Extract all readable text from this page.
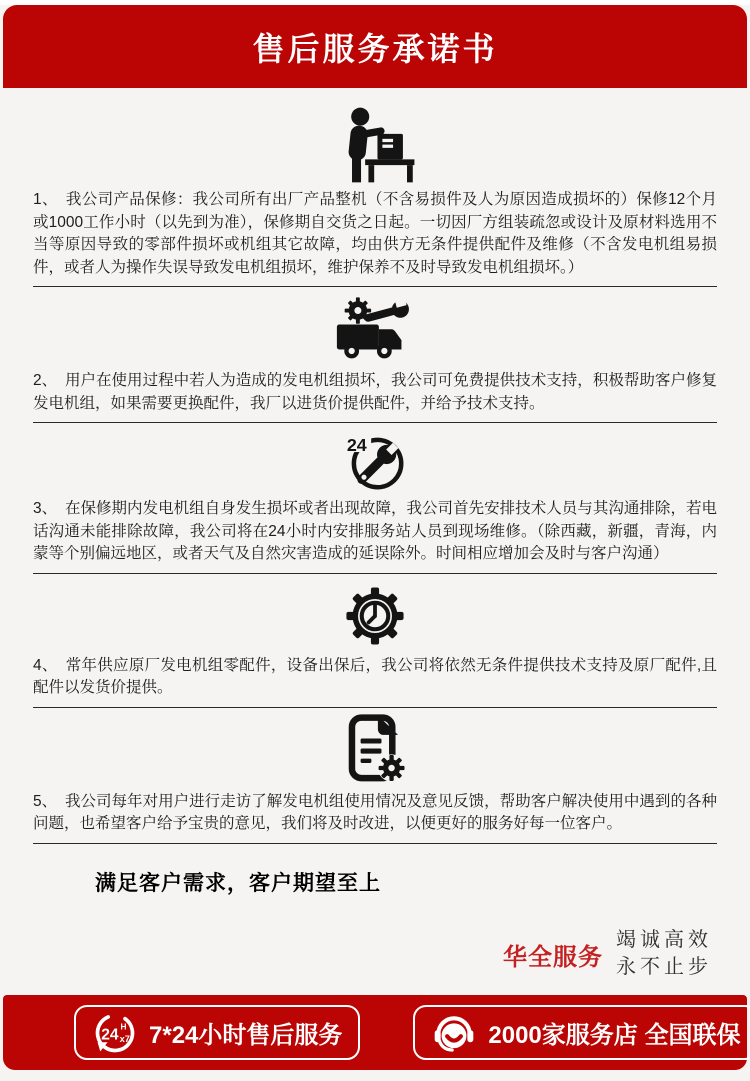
售后服务承诺书

1、　我公司产品保修：我公司所有出厂产品整机（不含易损件及人为原因造成损坏的）保修12个月或1000工作小时（以先到为准），保修期自交货之日起。一切因厂方组装疏忽或设计及原材料选用不当等原因导致的零部件损坏或机组其它故障，均由供方无条件提供配件及维修（不含发电机组易损件，或者人为操作失误导致发电机组损坏，维护保养不及时导致发电机组损坏。）

2、　用户在使用过程中若人为造成的发电机组损坏，我公司可免费提供技术支持，积极帮助客户修复发电机组，如果需要更换配件，我厂以进货价提供配件，并给予技术支持。

24

3、　在保修期内发电机组自身发生损坏或者出现故障，我公司首先安排技术人员与其沟通排除，若电话沟通未能排除故障，我公司将在24小时内安排服务站人员到现场维修。（除西藏，新疆，青海，内蒙等个别偏远地区，或者天气及自然灾害造成的延误除外。时间相应增加会及时与客户沟通）

4、　常年供应原厂发电机组零配件，设备出保后，我公司将依然无条件提供技术支持及原厂配件,且配件以发货价提供。

5、　我公司每年对用户进行走访了解发电机组使用情况及意见反馈，帮助客户解决使用中遇到的各种问题，也希望客户给予宝贵的意见，我们将及时改进，以便更好的服务好每一位客户。

满足客户需求，客户期望至上
华全服务
竭诚高效
永不止步
24 H
x7 7*24小时售后服务	2000家服务店 全国联保
